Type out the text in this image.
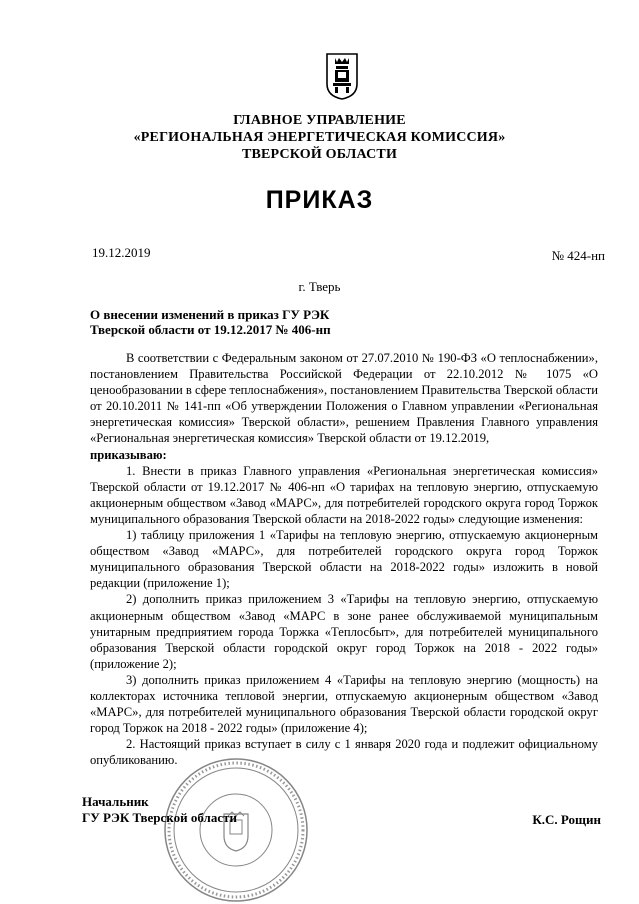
ГЛАВНОЕ УПРАВЛЕНИЕ
«РЕГИОНАЛЬНАЯ ЭНЕРГЕТИЧЕСКАЯ КОМИССИЯ»
ТВЕРСКОЙ ОБЛАСТИ
ПРИКАЗ
19.12.2019	№ 424-нп
г. Тверь
О внесении изменений в приказ ГУ РЭК
Тверской области от 19.12.2017 № 406-нп

В соответствии с Федеральным законом от 27.07.2010 № 190-ФЗ «О теплоснабжении», постановлением Правительства Российской Федерации от 22.10.2012 № 1075 «О ценообразовании в сфере теплоснабжения», постановлением Правительства Тверской области от 20.10.2011 № 141-пп «Об утверждении Положения о Главном управлении «Региональная энергетическая комиссия» Тверской области», решением Правления Главного управления «Региональная энергетическая комиссия» Тверской области от 19.12.2019,

приказываю:

1. Внести в приказ Главного управления «Региональная энергетическая комиссия» Тверской области от 19.12.2017 № 406-нп «О тарифах на тепловую энергию, отпускаемую акционерным обществом «Завод «МАРС», для потребителей городского округа город Торжок муниципального образования Тверской области на 2018-2022 годы» следующие изменения:

1) таблицу приложения 1 «Тарифы на тепловую энергию, отпускаемую акционерным обществом «Завод «МАРС», для потребителей городского округа город Торжок муниципального образования Тверской области на 2018-2022 годы» изложить в новой редакции (приложение 1);

2) дополнить приказ приложением 3 «Тарифы на тепловую энергию, отпускаемую акционерным обществом «Завод «МАРС в зоне ранее обслуживаемой муниципальным унитарным предприятием города Торжка «Теплосбыт», для потребителей муниципального образования Тверской области городской округ город Торжок на 2018 - 2022 годы» (приложение 2);

3) дополнить приказ приложением 4 «Тарифы на тепловую энергию (мощность) на коллекторах источника тепловой энергии, отпускаемую акционерным обществом «Завод «МАРС», для потребителей муниципального образования Тверской области городской округ город Торжок на 2018 - 2022 годы» (приложение 4);

2. Настоящий приказ вступает в силу с 1 января 2020 года и подлежит официальному опубликованию.

Начальник
ГУ РЭК Тверской области	К.С. Рощин
